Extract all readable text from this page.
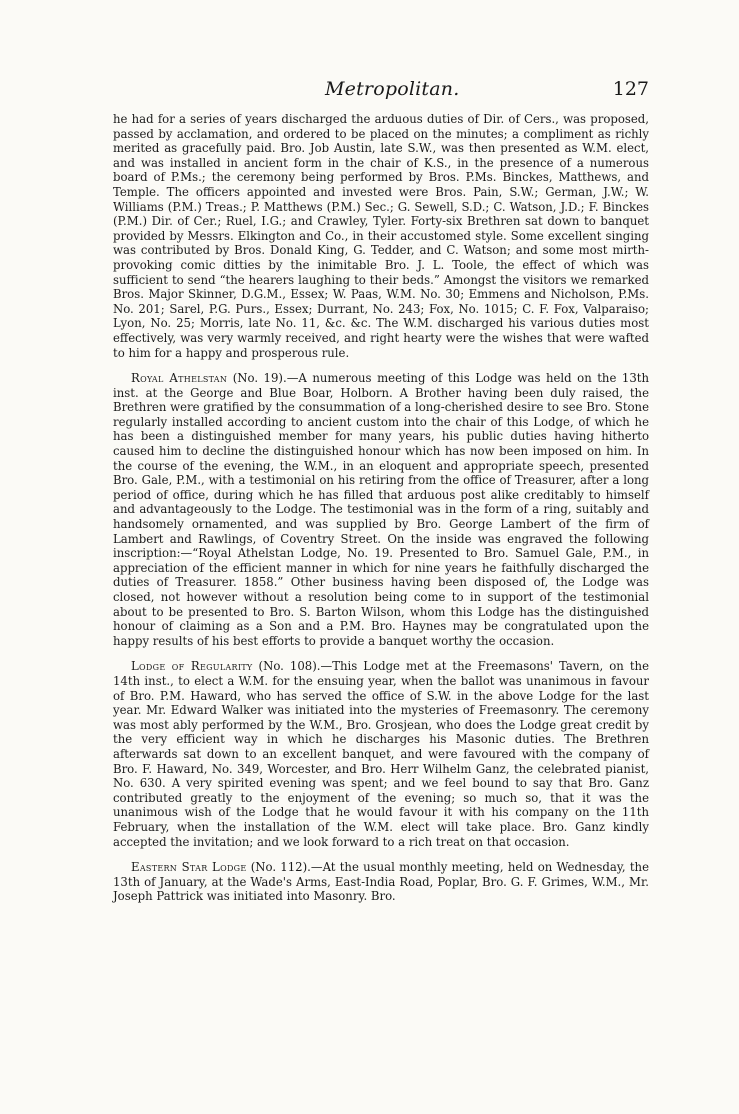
Metropolitan.	127

he had for a series of years discharged the arduous duties of Dir. of Cers., was proposed, passed by acclamation, and ordered to be placed on the minutes; a compliment as richly merited as gracefully paid. Bro. Job Austin, late S.W., was then presented as W.M. elect, and was installed in ancient form in the chair of K.S., in the presence of a numerous board of P.Ms.; the ceremony being performed by Bros. P.Ms. Binckes, Matthews, and Temple. The officers appointed and invested were Bros. Pain, S.W.; German, J.W.; W. Williams (P.M.) Treas.; P. Matthews (P.M.) Sec.; G. Sewell, S.D.; C. Watson, J.D.; F. Binckes (P.M.) Dir. of Cer.; Ruel, I.G.; and Crawley, Tyler. Forty-six Brethren sat down to banquet provided by Messrs. Elkington and Co., in their accustomed style. Some excellent singing was contributed by Bros. Donald King, G. Tedder, and C. Watson; and some most mirth-provoking comic ditties by the inimitable Bro. J. L. Toole, the effect of which was sufficient to send “the hearers laughing to their beds.” Amongst the visitors we remarked Bros. Major Skinner, D.G.M., Essex; W. Paas, W.M. No. 30; Emmens and Nicholson, P.Ms. No. 201; Sarel, P.G. Purs., Essex; Durrant, No. 243; Fox, No. 1015; C. F. Fox, Valparaiso; Lyon, No. 25; Morris, late No. 11, &c. &c. The W.M. discharged his various duties most effectively, was very warmly received, and right hearty were the wishes that were wafted to him for a happy and prosperous rule.

Royal Athelstan (No. 19).—A numerous meeting of this Lodge was held on the 13th inst. at the George and Blue Boar, Holborn. A Brother having been duly raised, the Brethren were gratified by the consummation of a long-cherished desire to see Bro. Stone regularly installed according to ancient custom into the chair of this Lodge, of which he has been a distinguished member for many years, his public duties having hitherto caused him to decline the distinguished honour which has now been imposed on him. In the course of the evening, the W.M., in an eloquent and appropriate speech, presented Bro. Gale, P.M., with a testimonial on his retiring from the office of Treasurer, after a long period of office, during which he has filled that arduous post alike creditably to himself and advantageously to the Lodge. The testimonial was in the form of a ring, suitably and handsomely ornamented, and was supplied by Bro. George Lambert of the firm of Lambert and Rawlings, of Coventry Street. On the inside was engraved the following inscription:—“Royal Athelstan Lodge, No. 19. Presented to Bro. Samuel Gale, P.M., in appreciation of the efficient manner in which for nine years he faithfully discharged the duties of Treasurer. 1858.” Other business having been disposed of, the Lodge was closed, not however without a resolution being come to in support of the testimonial about to be presented to Bro. S. Barton Wilson, whom this Lodge has the distinguished honour of claiming as a Son and a P.M. Bro. Haynes may be congratulated upon the happy results of his best efforts to provide a banquet worthy the occasion.

Lodge of Regularity (No. 108).—This Lodge met at the Freemasons' Tavern, on the 14th inst., to elect a W.M. for the ensuing year, when the ballot was unanimous in favour of Bro. P.M. Haward, who has served the office of S.W. in the above Lodge for the last year. Mr. Edward Walker was initiated into the mysteries of Freemasonry. The ceremony was most ably performed by the W.M., Bro. Grosjean, who does the Lodge great credit by the very efficient way in which he discharges his Masonic duties. The Brethren afterwards sat down to an excellent banquet, and were favoured with the company of Bro. F. Haward, No. 349, Worcester, and Bro. Herr Wilhelm Ganz, the celebrated pianist, No. 630. A very spirited evening was spent; and we feel bound to say that Bro. Ganz contributed greatly to the enjoyment of the evening; so much so, that it was the unanimous wish of the Lodge that he would favour it with his company on the 11th February, when the installation of the W.M. elect will take place. Bro. Ganz kindly accepted the invitation; and we look forward to a rich treat on that occasion.

Eastern Star Lodge (No. 112).—At the usual monthly meeting, held on Wednesday, the 13th of January, at the Wade's Arms, East-India Road, Poplar, Bro. G. F. Grimes, W.M., Mr. Joseph Pattrick was initiated into Masonry. Bro.
